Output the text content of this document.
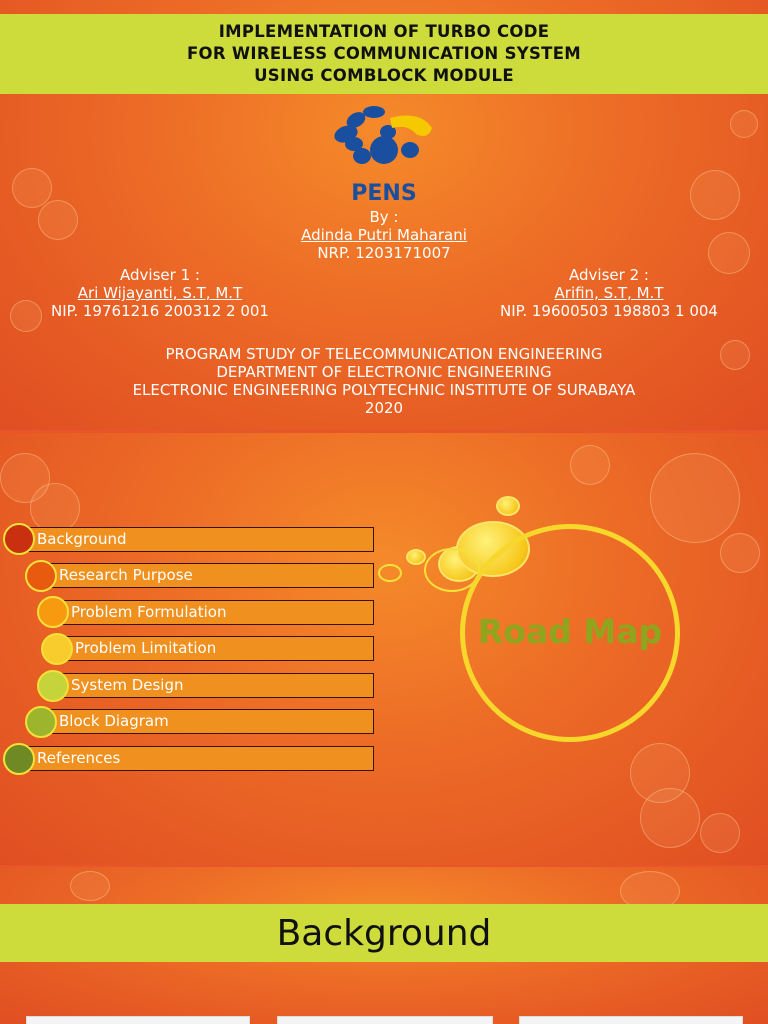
IMPLEMENTATION OF TURBO CODE
FOR WIRELESS COMMUNICATION SYSTEM
USING COMBLOCK MODULE
PENS
By :
Adinda Putri Maharani
NRP. 1203171007
Adviser 1 :
Ari Wijayanti, S.T, M.T
NIP. 19761216 200312 2 001
Adviser 2 :
Arifin, S.T, M.T
NIP. 19600503 198803 1 004
PROGRAM STUDY OF TELECOMMUNICATION ENGINEERING
DEPARTMENT OF ELECTRONIC ENGINEERING
ELECTRONIC ENGINEERING POLYTECHNIC INSTITUTE OF SURABAYA
2020
Road Map
Background
Research Purpose
Problem Formulation
Problem Limitation
System Design
Block Diagram
References
Background
